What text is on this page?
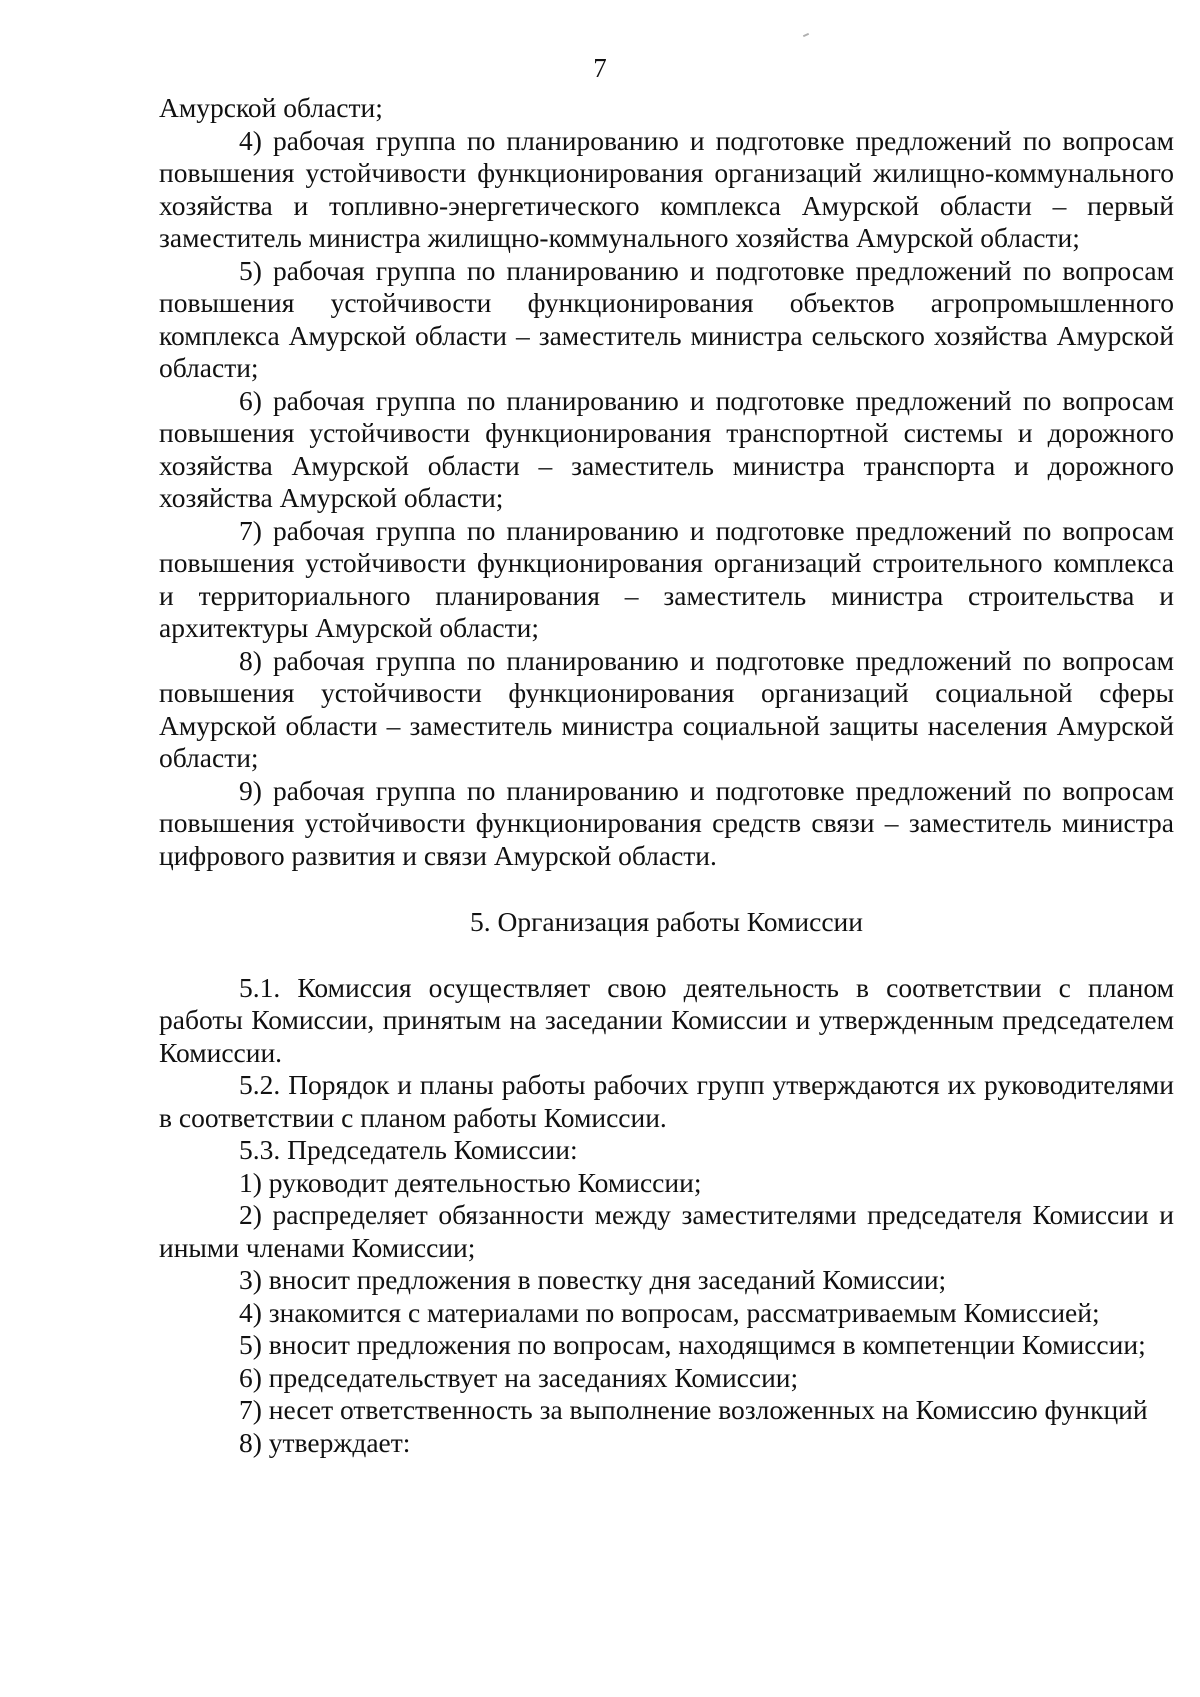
7

Амурской области;

4) рабочая группа по планированию и подготовке предложений по вопросам повышения устойчивости функционирования организаций жилищно-коммунального хозяйства и топливно-энергетического комплекса Амурской области – первый заместитель министра жилищно-коммунального хозяйства Амурской области;

5) рабочая группа по планированию и подготовке предложений по вопросам повышения устойчивости функционирования объектов агропромышленного комплекса Амурской области – заместитель министра сельского хозяйства Амурской области;

6) рабочая группа по планированию и подготовке предложений по вопросам повышения устойчивости функционирования транспортной системы и дорожного хозяйства Амурской области – заместитель министра транспорта и дорожного хозяйства Амурской области;

7) рабочая группа по планированию и подготовке предложений по вопросам повышения устойчивости функционирования организаций строительного комплекса и территориального планирования – заместитель министра строительства и архитектуры Амурской области;

8) рабочая группа по планированию и подготовке предложений по вопросам повышения устойчивости функционирования организаций социальной сферы Амурской области – заместитель министра социальной защиты населения Амурской области;

9) рабочая группа по планированию и подготовке предложений по вопросам повышения устойчивости функционирования средств связи – заместитель министра цифрового развития и связи Амурской области.

5. Организация работы Комиссии

5.1. Комиссия осуществляет свою деятельность в соответствии с планом работы Комиссии, принятым на заседании Комиссии и утвержденным председателем Комиссии.

5.2. Порядок и планы работы рабочих групп утверждаются их руководителями в соответствии с планом работы Комиссии.

5.3. Председатель Комиссии:

1) руководит деятельностью Комиссии;

2) распределяет обязанности между заместителями председателя Комиссии и иными членами Комиссии;

3) вносит предложения в повестку дня заседаний Комиссии;

4) знакомится с материалами по вопросам, рассматриваемым Комиссией;

5) вносит предложения по вопросам, находящимся в компетенции Комиссии;

6) председательствует на заседаниях Комиссии;

7) несет ответственность за выполнение возложенных на Комиссию функций

8) утверждает:
